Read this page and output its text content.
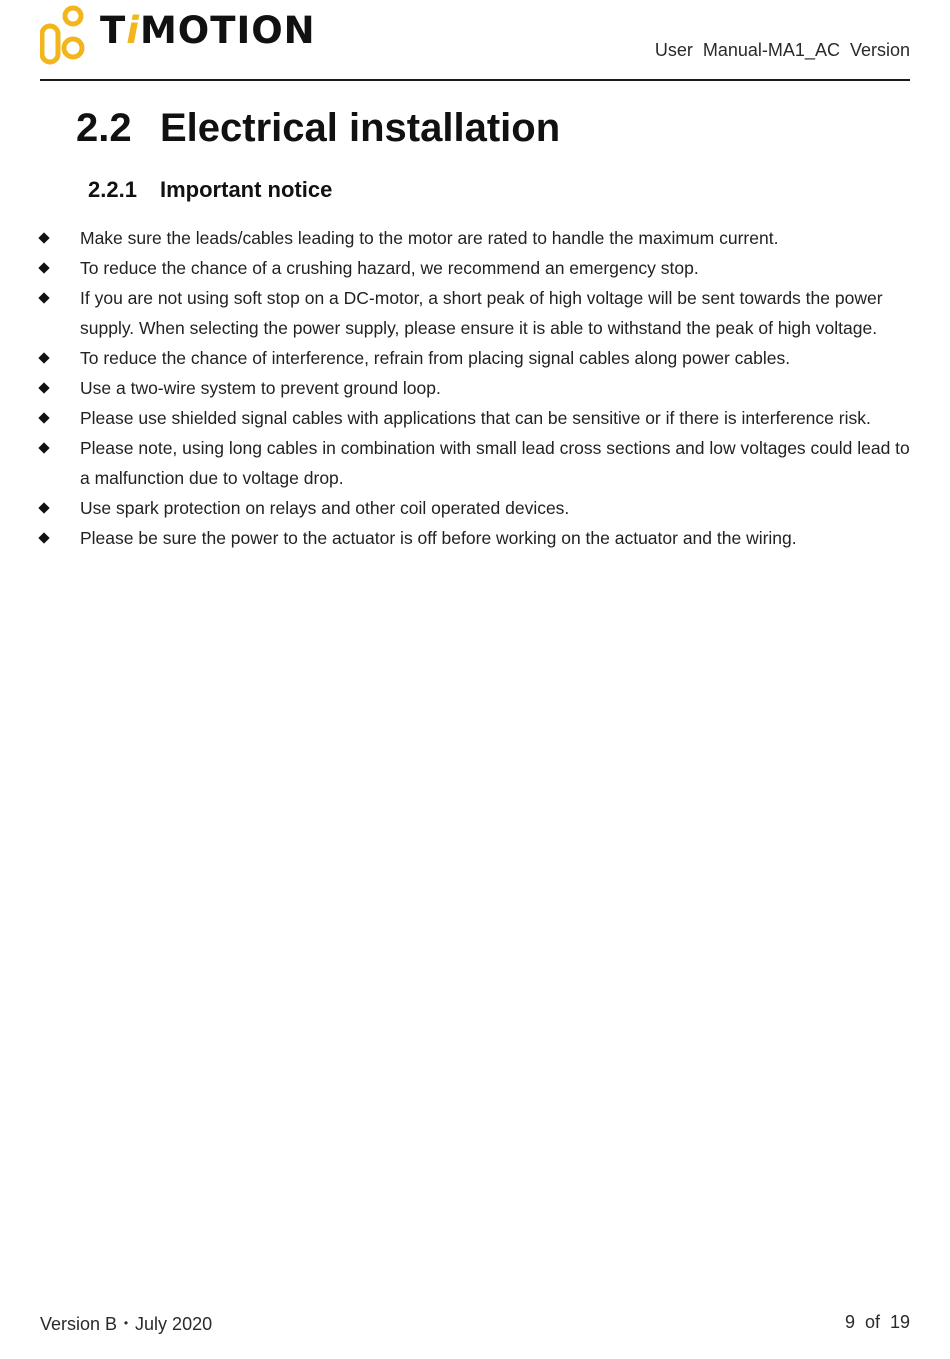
TiMOTION	User  Manual-MA1_AC  Version
2.2 Electrical installation
2.2.1 Important notice
Make sure the leads/cables leading to the motor are rated to handle the maximum current.
To reduce the chance of a crushing hazard, we recommend an emergency stop.
If you are not using soft stop on a DC-motor, a short peak of high voltage will be sent towards the power supply. When selecting the power supply, please ensure it is able to withstand the peak of high voltage.
To reduce the chance of interference, refrain from placing signal cables along power cables.
Use a two-wire system to prevent ground loop.
Please use shielded signal cables with applications that can be sensitive or if there is interference risk.
Please note, using long cables in combination with small lead cross sections and low voltages could lead to a malfunction due to voltage drop.
Use spark protection on relays and other coil operated devices.
Please be sure the power to the actuator is off before working on the actuator and the wiring.
Version B・July 2020	9  of  19
